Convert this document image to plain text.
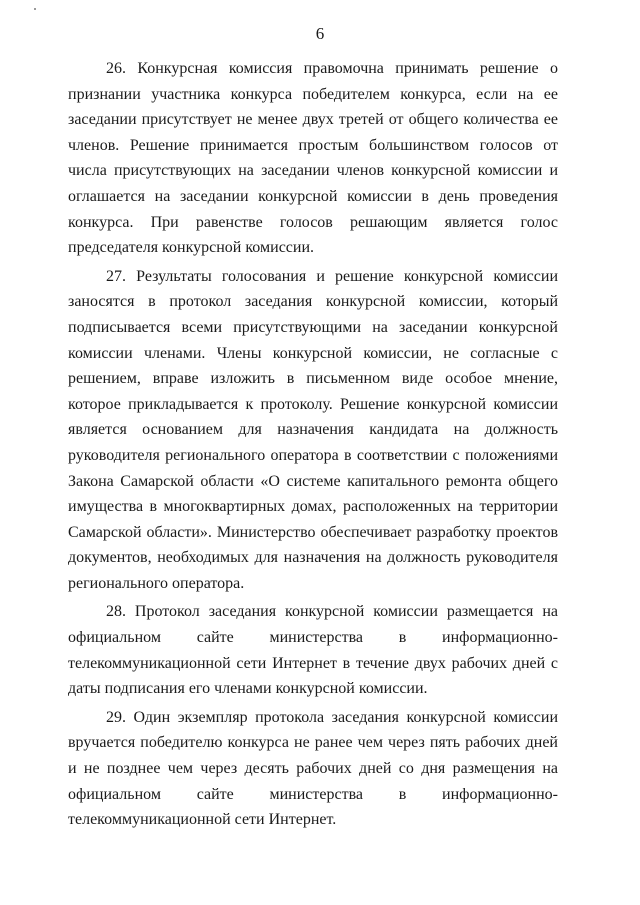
6

26. Конкурсная комиссия правомочна принимать решение о признании участника конкурса победителем конкурса, если на ее заседании присутствует не менее двух третей от общего количества ее членов. Решение принимается простым большинством голосов от числа присутствующих на заседании членов конкурсной комиссии и оглашается на заседании конкурсной комиссии в день проведения конкурса. При равенстве голосов решающим является голос председателя конкурсной комиссии.

27. Результаты голосования и решение конкурсной комиссии заносятся в протокол заседания конкурсной комиссии, который подписывается всеми присутствующими на заседании конкурсной комиссии членами. Члены конкурсной комиссии, не согласные с решением, вправе изложить в письменном виде особое мнение, которое прикладывается к протоколу. Решение конкурсной комиссии является основанием для назначения кандидата на должность руководителя регионального оператора в соответствии с положениями Закона Самарской области «О системе капитального ремонта общего имущества в многоквартирных домах, расположенных на территории Самарской области». Министерство обеспечивает разработку проектов документов, необходимых для назначения на должность руководителя регионального оператора.

28. Протокол заседания конкурсной комиссии размещается на официальном сайте министерства в информационно-телекоммуникационной сети Интернет в течение двух рабочих дней с даты подписания его членами конкурсной комиссии.

29. Один экземпляр протокола заседания конкурсной комиссии вручается победителю конкурса не ранее чем через пять рабочих дней и не позднее чем через десять рабочих дней со дня размещения на официальном сайте министерства в информационно-телекоммуникационной сети Интернет.
